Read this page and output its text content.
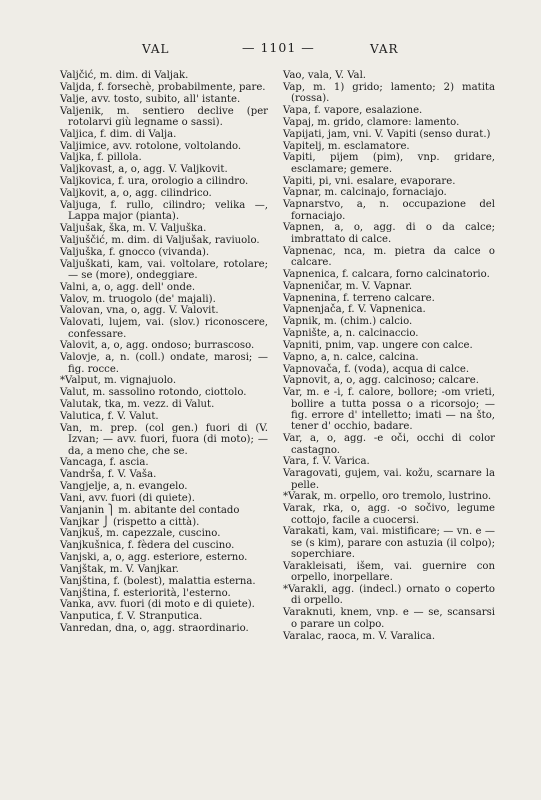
VAL	— 1101 —	VAR
Valjčić, m. dim. di Valjak.
Valjda, f. forsechè, probabilmente, pare.
Valje, avv. tosto, subito, all' istante.
Valjenik, m. sentiero declive (per rotolarvi giù legname o sassi).
Valjica, f. dim. di Valja.
Valjimice, avv. rotolone, voltolando.
Valjka, f. pillola.
Valjkovast, a, o, agg. V. Valjkovit.
Valjkovica, f. ura, orologio a cilindro.
Valjkovit, a, o, agg. cilindrico.
Valjuga, f. rullo, cilindro; velika —, Lappa major (pianta).
Valjušak, ška, m. V. Valjuška.
Valjuščić, m. dim. di Valjušak, raviuolo.
Valjuška, f. gnocco (vivanda).
Valjuškati, kam, vai. voltolare, rotolare; — se (more), ondeggiare.
Valni, a, o, agg. dell' onde.
Valov, m. truogolo (de' majali).
Valovan, vna, o, agg. V. Valovit.
Valovati, lujem, vai. (slov.) riconoscere, confessare.
Valovit, a, o, agg. ondoso; burrascoso.
Valovje, a, n. (coll.) ondate, marosi; — fig. rocce.
*Valput, m. vignajuolo.
Valut, m. sassolino rotondo, ciottolo.
Valutak, tka, m. vezz. di Valut.
Valutica, f. V. Valut.
Van, m. prep. (col gen.) fuori di (V. Izvan; — avv. fuori, fuora (di moto); — da, a meno che, che se.
Vancaga, f. ascia.
Vandrša, f. V. Vaša.
Vangjelje, a, n. evangelo.
Vani, avv. fuori (di quiete).
Vanjanin ⎫ m. abitante del contado
Vanjkar ⎭ (rispetto a città).
Vanjkuš, m. capezzale, cuscino.
Vanjkušnica, f. fèdera del cuscino.
Vanjski, a, o, agg. esteriore, esterno.
Vanjštak, m. V. Vanjkar.
Vanjština, f. (bolest), malattia esterna.
Vanjština, f. esteriorità, l'esterno.
Vanka, avv. fuori (di moto e di quiete).
Vanputica, f. V. Stranputica.
Vanredan, dna, o, agg. straordinario.
Vao, vala, V. Val.
Vap, m. 1) grido; lamento; 2) matita (rossa).
Vapa, f. vapore, esalazione.
Vapaj, m. grido, clamore: lamento.
Vapijati, jam, vni. V. Vapiti (senso durat.)
Vapitelj, m. esclamatore.
Vapiti, pijem (pim), vnp. gridare, esclamare; gemere.
Vapiti, pi, vni. esalare, evaporare.
Vapnar, m. calcinajo, fornaciajo.
Vapnarstvo, a, n. occupazione del fornaciajo.
Vapnen, a, o, agg. di o da calce; imbrattato di calce.
Vapnenac, nca, m. pietra da calce o calcare.
Vapnenica, f. calcara, forno calcinatorio.
Vapneničar, m. V. Vapnar.
Vapnenina, f. terreno calcare.
Vapnenjača, f. V. Vapnenica.
Vapnik, m. (chim.) calcio.
Vapnište, a, n. calcinaccio.
Vapniti, pnim, vap. ungere con calce.
Vapno, a, n. calce, calcina.
Vapnovača, f. (voda), acqua di calce.
Vapnovit, a, o, agg. calcinoso; calcare.
Var, m. e -i, f. calore, bollore; -om vrieti, bollire a tutta possa o a ricorsojo; — fig. errore d' intelletto; imati — na što, tener d' occhio, badare.
Var, a, o, agg. -e oči, occhi di color castagno.
Vara, f. V. Varica.
Varagovati, gujem, vai. kožu, scarnare la pelle.
*Varak, m. orpello, oro tremolo, lustrino.
Varak, rka, o, agg. -o sočivo, legume cottojo, facile a cuocersi.
Varakati, kam, vai. mistificare; — vn. e — se (s kim), parare con astuzia (il colpo); soperchiare.
Varakleisati, išem, vai. guernire con orpello, inorpellare.
*Varakli, agg. (indecl.) ornato o coperto di orpello.
Varaknuti, knem, vnp. e — se, scansarsi o parare un colpo.
Varalac, raoca, m. V. Varalica.
